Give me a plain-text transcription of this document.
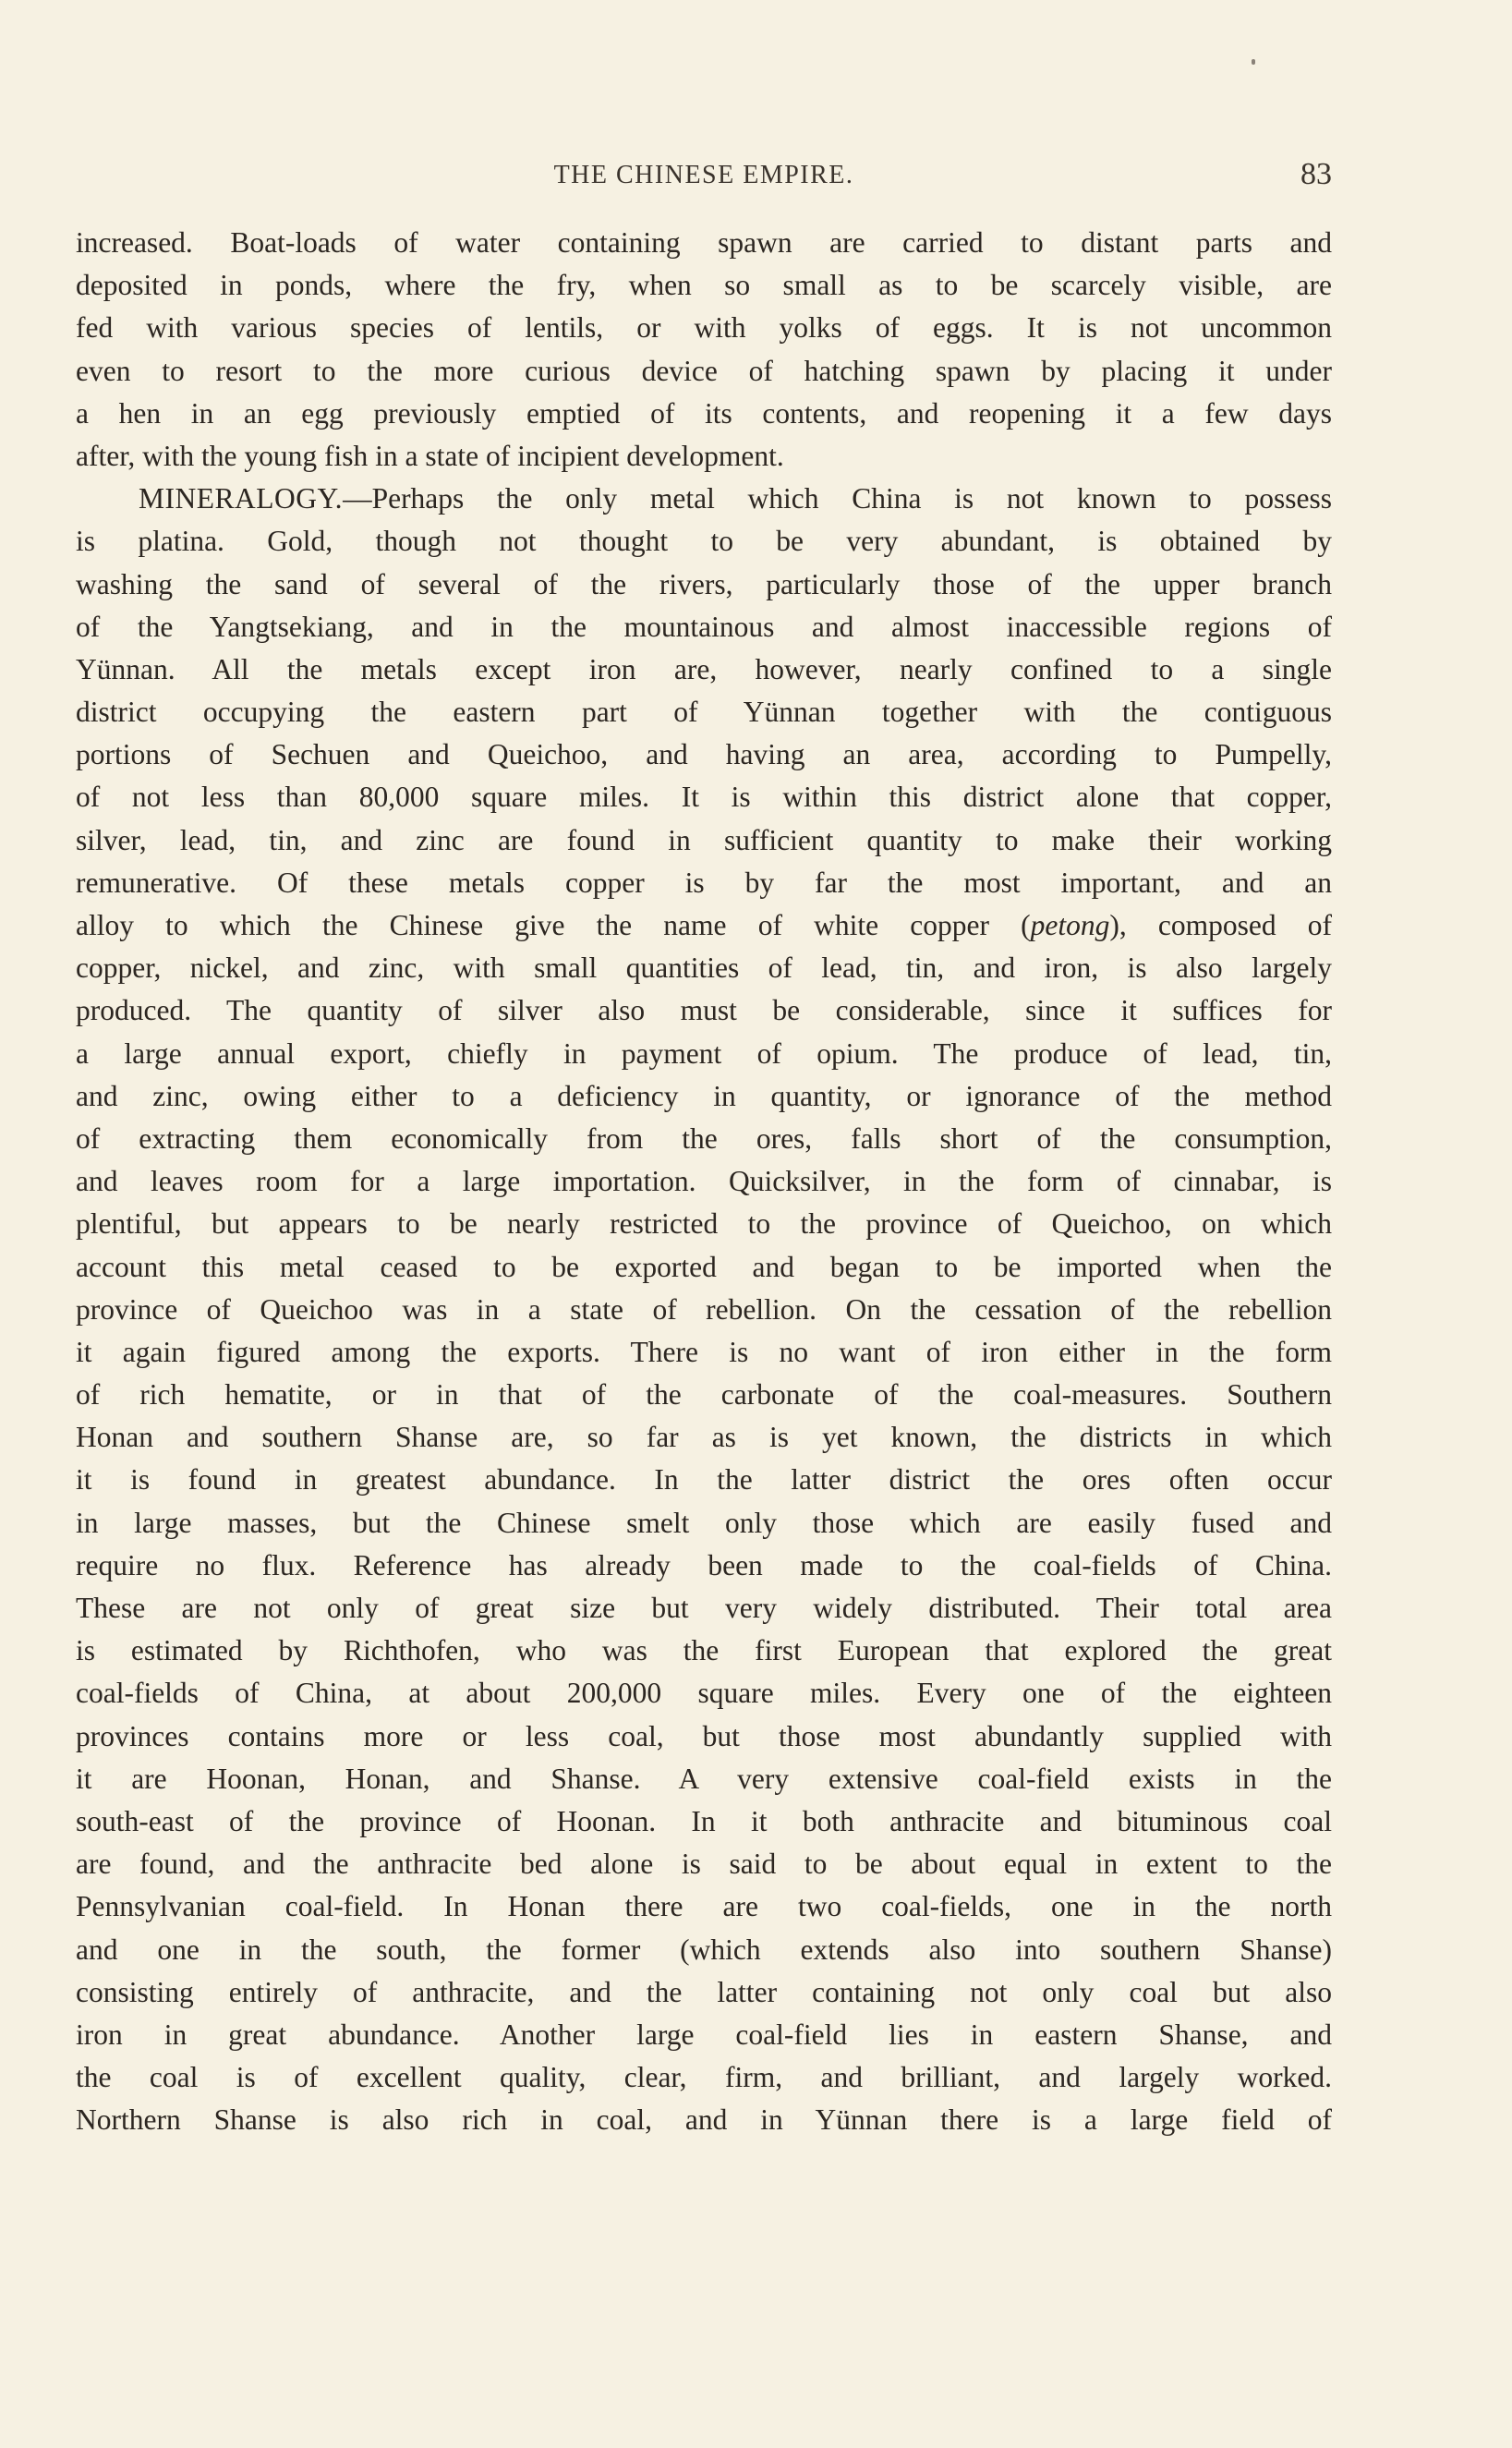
THE CHINESE EMPIRE.	83
increased. Boat-loads of water containing spawn are carried to distant parts and
deposited in ponds, where the fry, when so small as to be scarcely visible, are
fed with various species of lentils, or with yolks of eggs. It is not uncommon
even to resort to the more curious device of hatching spawn by placing it under
a hen in an egg previously emptied of its contents, and reopening it a few days
after, with the young fish in a state of incipient development.
MINERALOGY.—Perhaps the only metal which China is not known to possess
is platina. Gold, though not thought to be very abundant, is obtained by
washing the sand of several of the rivers, particularly those of the upper branch
of the Yangtsekiang, and in the mountainous and almost inaccessible regions of
Yünnan. All the metals except iron are, however, nearly confined to a single
district occupying the eastern part of Yünnan together with the contiguous
portions of Sechuen and Queichoo, and having an area, according to Pumpelly,
of not less than 80,000 square miles. It is within this district alone that copper,
silver, lead, tin, and zinc are found in sufficient quantity to make their working
remunerative. Of these metals copper is by far the most important, and an
alloy to which the Chinese give the name of white copper (petong), composed of
copper, nickel, and zinc, with small quantities of lead, tin, and iron, is also largely
produced. The quantity of silver also must be considerable, since it suffices for
a large annual export, chiefly in payment of opium. The produce of lead, tin,
and zinc, owing either to a deficiency in quantity, or ignorance of the method
of extracting them economically from the ores, falls short of the consumption,
and leaves room for a large importation. Quicksilver, in the form of cinnabar, is
plentiful, but appears to be nearly restricted to the province of Queichoo, on which
account this metal ceased to be exported and began to be imported when the
province of Queichoo was in a state of rebellion. On the cessation of the rebellion
it again figured among the exports. There is no want of iron either in the form
of rich hematite, or in that of the carbonate of the coal-measures. Southern
Honan and southern Shanse are, so far as is yet known, the districts in which
it is found in greatest abundance. In the latter district the ores often occur
in large masses, but the Chinese smelt only those which are easily fused and
require no flux. Reference has already been made to the coal-fields of China.
These are not only of great size but very widely distributed. Their total area
is estimated by Richthofen, who was the first European that explored the great
coal-fields of China, at about 200,000 square miles. Every one of the eighteen
provinces contains more or less coal, but those most abundantly supplied with
it are Hoonan, Honan, and Shanse. A very extensive coal-field exists in the
south-east of the province of Hoonan. In it both anthracite and bituminous coal
are found, and the anthracite bed alone is said to be about equal in extent to the
Pennsylvanian coal-field. In Honan there are two coal-fields, one in the north
and one in the south, the former (which extends also into southern Shanse)
consisting entirely of anthracite, and the latter containing not only coal but also
iron in great abundance. Another large coal-field lies in eastern Shanse, and
the coal is of excellent quality, clear, firm, and brilliant, and largely worked.
Northern Shanse is also rich in coal, and in Yünnan there is a large field of
